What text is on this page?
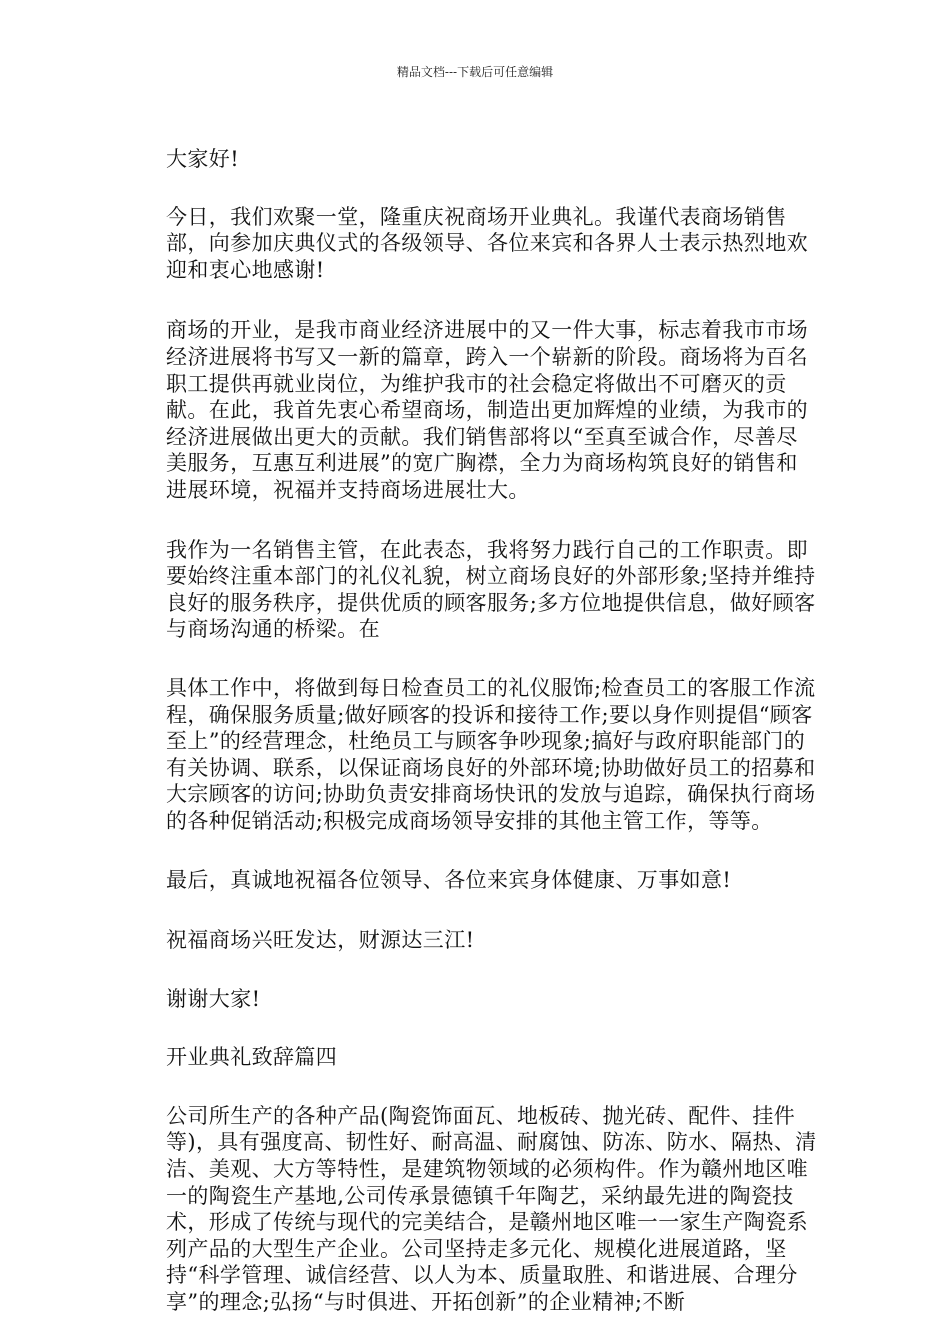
精品文档---下载后可任意编辑

大家好!

今日，我们欢聚一堂，隆重庆祝商场开业典礼。我谨代表商场销售部，向参加庆典仪式的各级领导、各位来宾和各界人士表示热烈地欢迎和衷心地感谢!

商场的开业，是我市商业经济进展中的又一件大事，标志着我市市场经济进展将书写又一新的篇章，跨入一个崭新的阶段。商场将为百名职工提供再就业岗位，为维护我市的社会稳定将做出不可磨灭的贡献。在此，我首先衷心希望商场，制造出更加辉煌的业绩，为我市的经济进展做出更大的贡献。我们销售部将以“至真至诚合作，尽善尽美服务，互惠互利进展”的宽广胸襟，全力为商场构筑良好的销售和进展环境，祝福并支持商场进展壮大。

我作为一名销售主管，在此表态，我将努力践行自己的工作职责。即要始终注重本部门的礼仪礼貌，树立商场良好的外部形象;坚持并维持良好的服务秩序，提供优质的顾客服务;多方位地提供信息，做好顾客与商场沟通的桥梁。在

具体工作中，将做到每日检查员工的礼仪服饰;检查员工的客服工作流程，确保服务质量;做好顾客的投诉和接待工作;要以身作则提倡“顾客至上”的经营理念，杜绝员工与顾客争吵现象;搞好与政府职能部门的有关协调、联系，以保证商场良好的外部环境;协助做好员工的招募和大宗顾客的访问;协助负责安排商场快讯的发放与追踪，确保执行商场的各种促销活动;积极完成商场领导安排的其他主管工作，等等。

最后，真诚地祝福各位领导、各位来宾身体健康、万事如意!

祝福商场兴旺发达，财源达三江!

谢谢大家!

开业典礼致辞篇四

公司所生产的各种产品(陶瓷饰面瓦、地板砖、抛光砖、配件、挂件等)，具有强度高、韧性好、耐高温、耐腐蚀、防冻、防水、隔热、清洁、美观、大方等特性，是建筑物领域的必须构件。作为赣州地区唯一的陶瓷生产基地,公司传承景德镇千年陶艺，采纳最先进的陶瓷技术，形成了传统与现代的完美结合，是赣州地区唯一一家生产陶瓷系列产品的大型生产企业。公司坚持走多元化、规模化进展道路，坚持“科学管理、诚信经营、以人为本、质量取胜、和谐进展、合理分享”的理念;弘扬“与时俱进、开拓创新”的企业精神;不断
